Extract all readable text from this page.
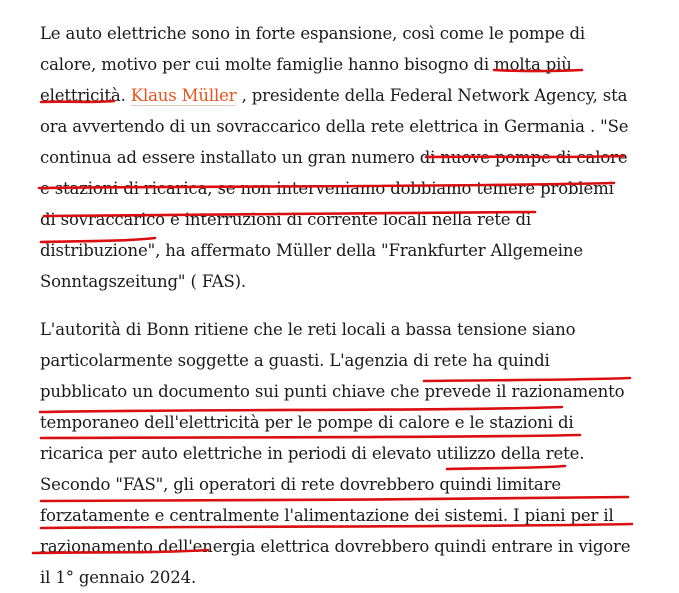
Le auto elettriche sono in forte espansione, così come le pompe di
calore, motivo per cui molte famiglie hanno bisogno di molta più
elettricità. Klaus Müller , presidente della Federal Network Agency, sta
ora avvertendo di un sovraccarico della rete elettrica in Germania . "Se
continua ad essere installato un gran numero di nuove pompe di calore
e stazioni di ricarica, se non interveniamo dobbiamo temere problemi
di sovraccarico e interruzioni di corrente locali nella rete di
distribuzione", ha affermato Müller della "Frankfurter Allgemeine
Sonntagszeitung" ( FAS).
L'autorità di Bonn ritiene che le reti locali a bassa tensione siano
particolarmente soggette a guasti. L'agenzia di rete ha quindi
pubblicato un documento sui punti chiave che prevede il razionamento
temporaneo dell'elettricità per le pompe di calore e le stazioni di
ricarica per auto elettriche in periodi di elevato utilizzo della rete.
Secondo "FAS", gli operatori di rete dovrebbero quindi limitare
forzatamente e centralmente l'alimentazione dei sistemi. I piani per il
razionamento dell'energia elettrica dovrebbero quindi entrare in vigore
il 1° gennaio 2024.
